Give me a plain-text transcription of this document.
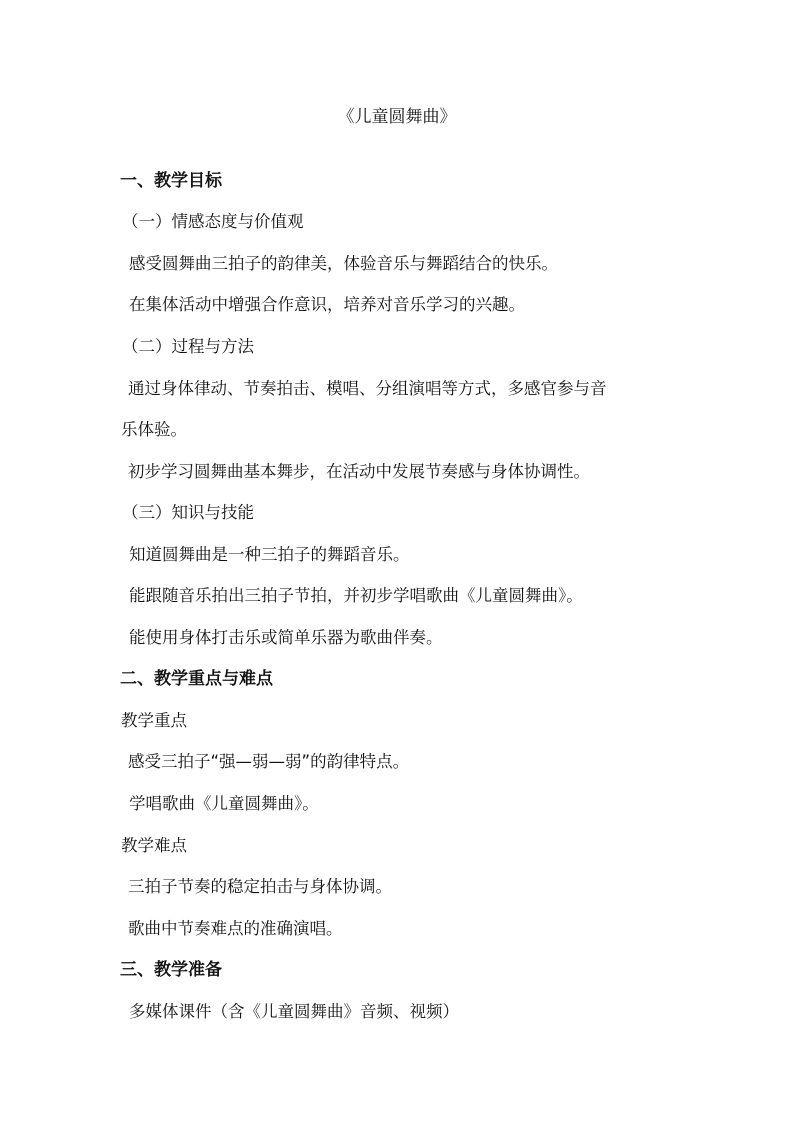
《儿童圆舞曲》
一、教学目标
（一）情感态度与价值观
感受圆舞曲三拍子的韵律美，体验音乐与舞蹈结合的快乐。
在集体活动中增强合作意识，培养对音乐学习的兴趣。
（二）过程与方法
通过身体律动、节奏拍击、模唱、分组演唱等方式，多感官参与音
乐体验。
初步学习圆舞曲基本舞步，在活动中发展节奏感与身体协调性。
（三）知识与技能
知道圆舞曲是一种三拍子的舞蹈音乐。
能跟随音乐拍出三拍子节拍，并初步学唱歌曲《儿童圆舞曲》。
能使用身体打击乐或简单乐器为歌曲伴奏。
二、教学重点与难点
教学重点
感受三拍子“强—弱—弱”的韵律特点。
学唱歌曲《儿童圆舞曲》。
教学难点
三拍子节奏的稳定拍击与身体协调。
歌曲中节奏难点的准确演唱。
三、教学准备
多媒体课件（含《儿童圆舞曲》音频、视频）
